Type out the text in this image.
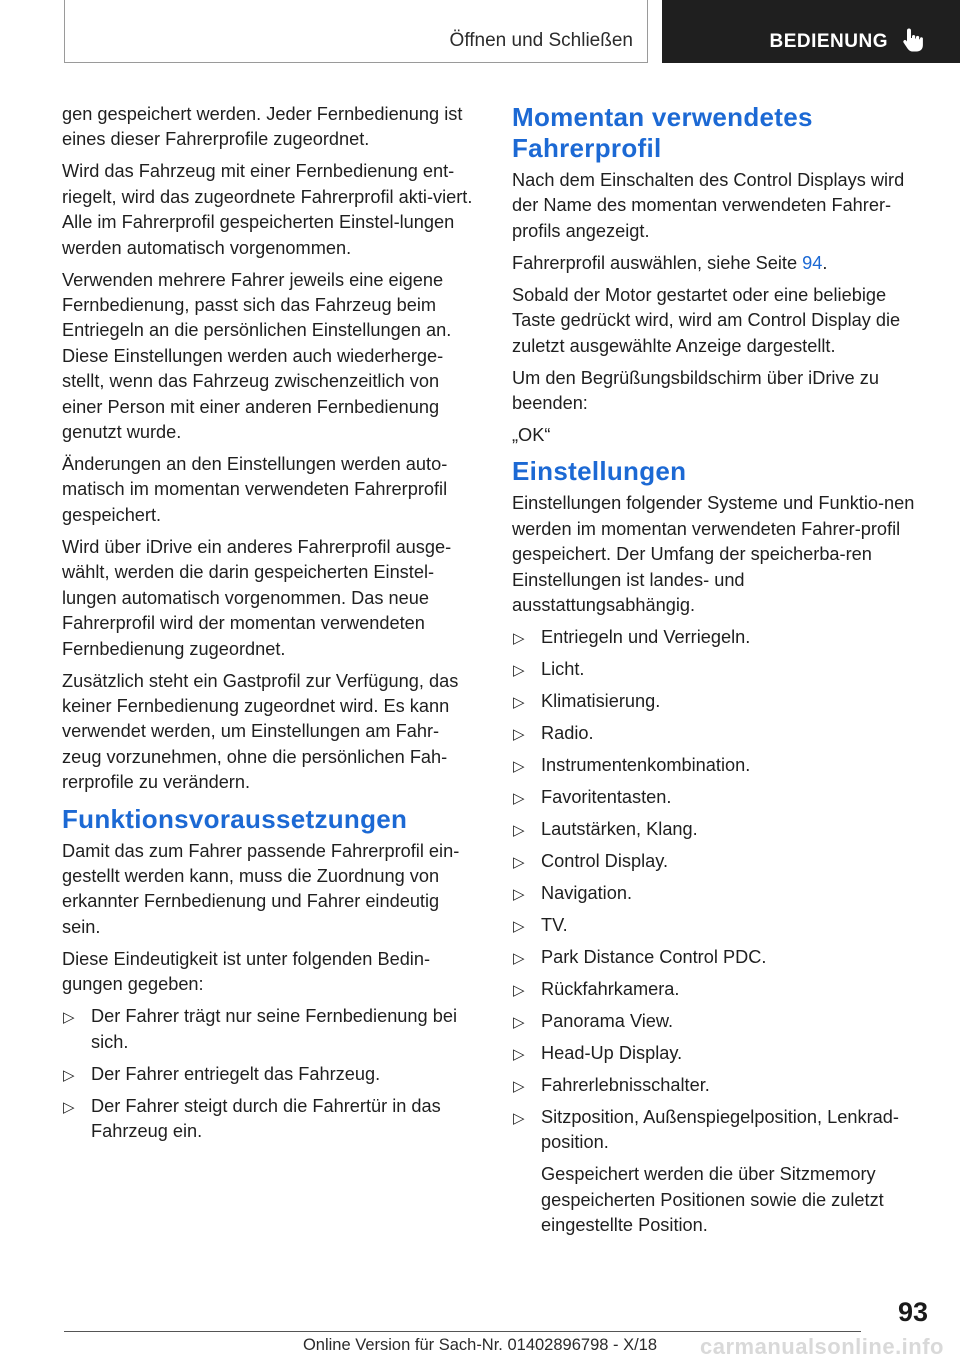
Öffnen und Schließen	BEDIENUNG

gen gespeichert werden. Jeder Fernbedienung ist eines dieser Fahrerprofile zugeordnet.

Wird das Fahrzeug mit einer Fernbedienung ent‐riegelt, wird das zugeordnete Fahrerprofil akti‐viert. Alle im Fahrerprofil gespeicherten Einstel‐lungen werden automatisch vorgenommen.

Verwenden mehrere Fahrer jeweils eine eigene Fernbedienung, passt sich das Fahrzeug beim Entriegeln an die persönlichen Einstellungen an. Diese Einstellungen werden auch wiederherge‐stellt, wenn das Fahrzeug zwischenzeitlich von einer Person mit einer anderen Fernbedienung genutzt wurde.

Änderungen an den Einstellungen werden auto‐matisch im momentan verwendeten Fahrerprofil gespeichert.

Wird über iDrive ein anderes Fahrerprofil ausge‐wählt, werden die darin gespeicherten Einstel‐lungen automatisch vorgenommen. Das neue Fahrerprofil wird der momentan verwendeten Fernbedienung zugeordnet.

Zusätzlich steht ein Gastprofil zur Verfügung, das keiner Fernbedienung zugeordnet wird. Es kann verwendet werden, um Einstellungen am Fahr‐zeug vorzunehmen, ohne die persönlichen Fah‐rerprofile zu verändern.

Funktionsvoraussetzungen

Damit das zum Fahrer passende Fahrerprofil ein‐gestellt werden kann, muss die Zuordnung von erkannter Fernbedienung und Fahrer eindeutig sein.

Diese Eindeutigkeit ist unter folgenden Bedin‐gungen gegeben:

▷ Der Fahrer trägt nur seine Fernbedienung bei sich.
▷ Der Fahrer entriegelt das Fahrzeug.
▷ Der Fahrer steigt durch die Fahrertür in das Fahrzeug ein.
Momentan verwendetes Fahrerprofil

Nach dem Einschalten des Control Displays wird der Name des momentan verwendeten Fahrer‐profils angezeigt.

Fahrerprofil auswählen, siehe Seite 94.

Sobald der Motor gestartet oder eine beliebige Taste gedrückt wird, wird am Control Display die zuletzt ausgewählte Anzeige dargestellt.

Um den Begrüßungsbildschirm über iDrive zu beenden:

„OK“

Einstellungen

Einstellungen folgender Systeme und Funktio‐nen werden im momentan verwendeten Fahrer‐profil gespeichert. Der Umfang der speicherba‐ren Einstellungen ist landes- und ausstattungsabhängig.

▷ Entriegeln und Verriegeln.
▷ Licht.
▷ Klimatisierung.
▷ Radio.
▷ Instrumentenkombination.
▷ Favoritentasten.
▷ Lautstärken, Klang.
▷ Control Display.
▷ Navigation.
▷ TV.
▷ Park Distance Control PDC.
▷ Rückfahrkamera.
▷ Panorama View.
▷ Head-Up Display.
▷ Fahrerlebnisschalter.
▷ Sitzposition, Außenspiegelposition, Lenkrad‐position.
Gespeichert werden die über Sitzmemory gespeicherten Positionen sowie die zuletzt eingestellte Position.
93
Online Version für Sach-Nr. 01402896798 - X/18	carmanualsonline.info
